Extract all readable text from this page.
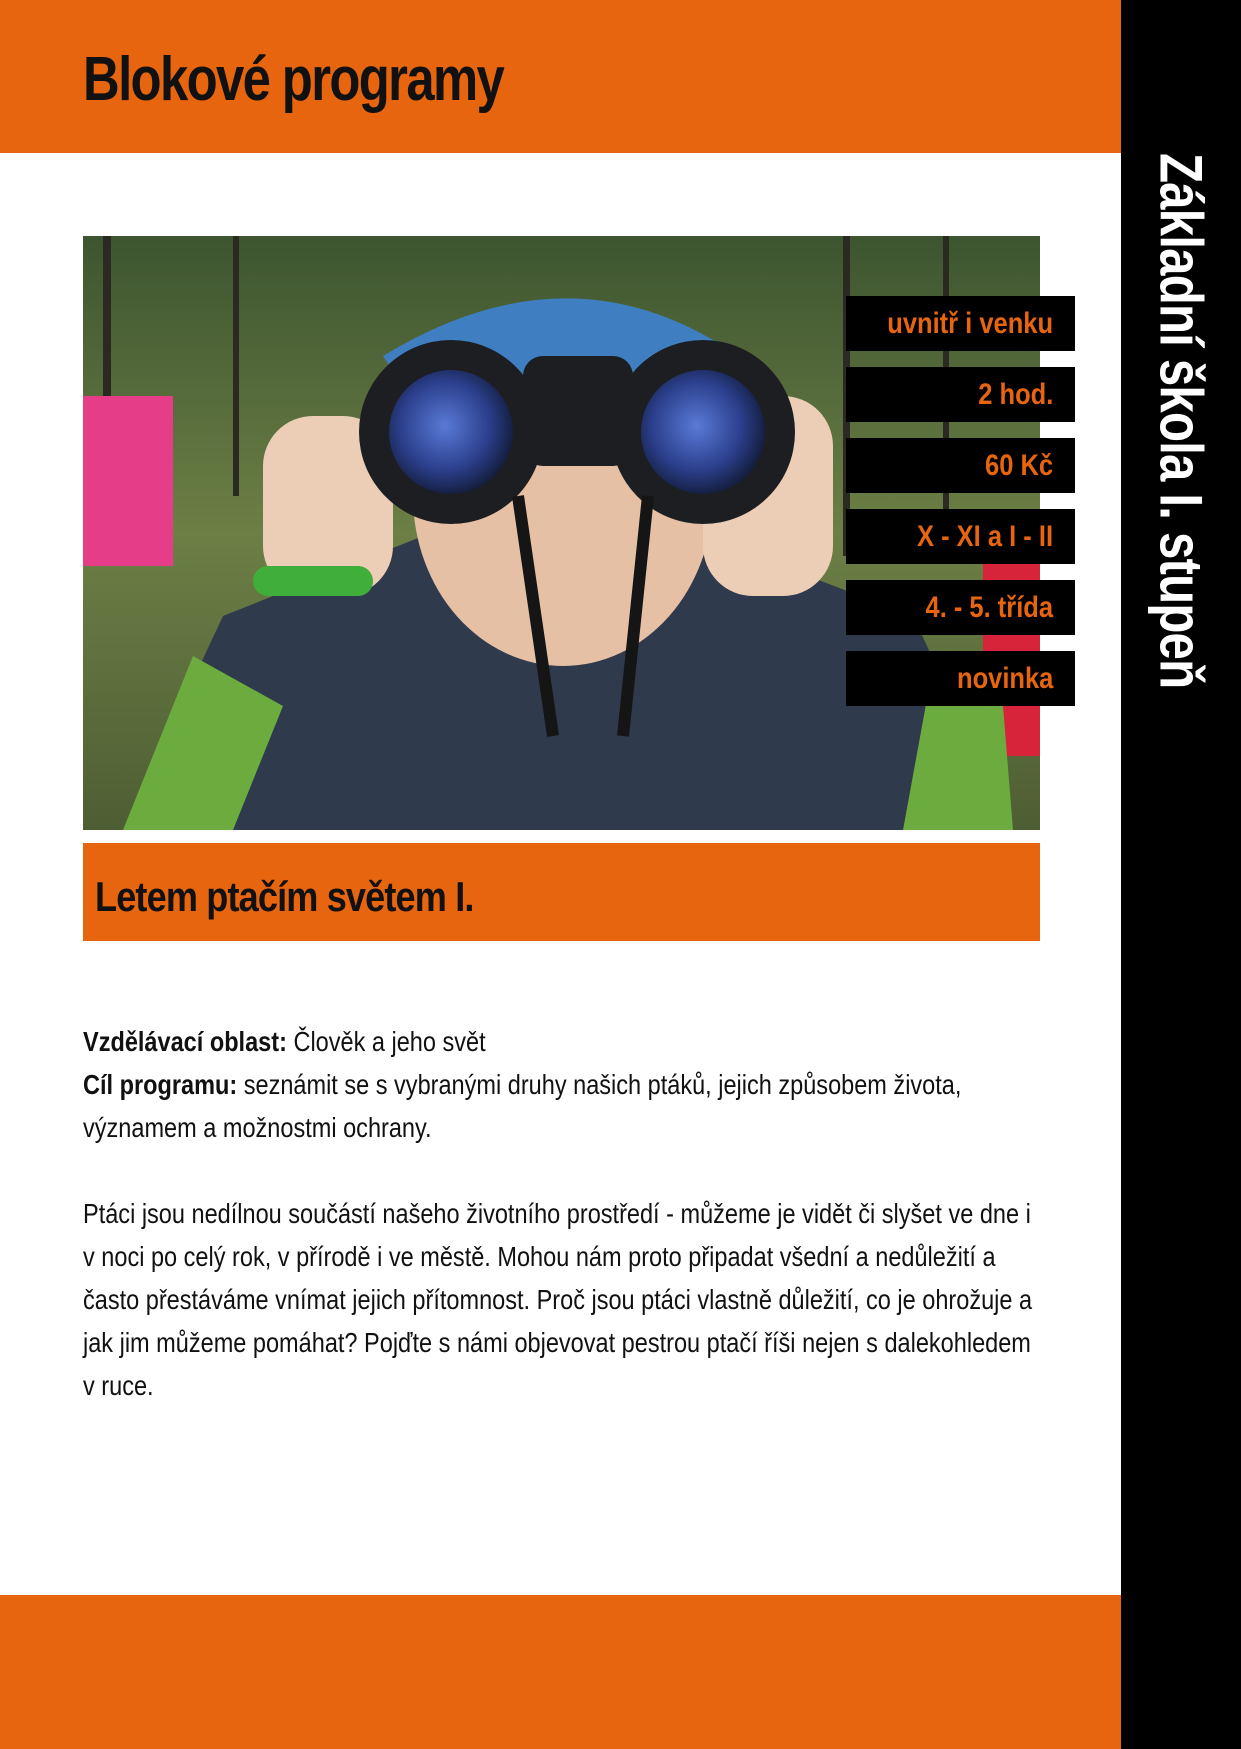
Blokové programy
Základní škola I. stupeň
uvnitř i venku
2 hod.
60 Kč
X - XI a I - II
4. - 5. třída
novinka
Letem ptačím světem I.

Vzdělávací oblast: Člověk a jeho svět

Cíl programu: seznámit se s vybranými druhy našich ptáků, jejich způsobem života, významem a možnostmi ochrany.

Ptáci jsou nedílnou součástí našeho životního prostředí - můžeme je vidět či slyšet ve dne i v noci po celý rok, v přírodě i ve městě. Mohou nám proto připadat všední a nedůležití a často přestáváme vnímat jejich přítomnost. Proč jsou ptáci vlastně důležití, co je ohrožuje a jak jim můžeme pomáhat? Pojďte s námi objevovat pestrou ptačí říši nejen s dalekohledem v ruce.
